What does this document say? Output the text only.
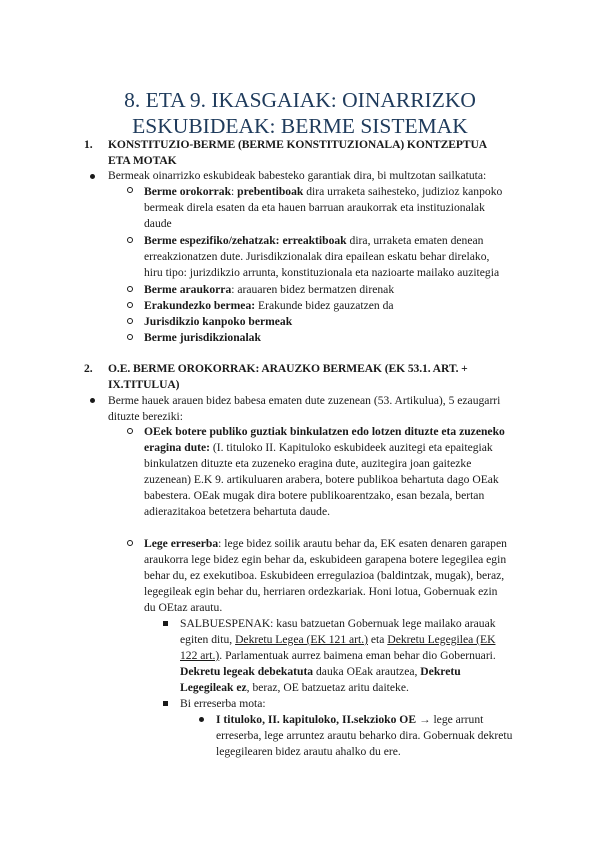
8. ETA 9. IKASGAIAK: OINARRIZKO
ESKUBIDEAK: BERME SISTEMAK
1. KONSTITUZIO-BERME (BERME KONSTITUZIONALA) KONTZEPTUA
ETA MOTAK
Bermeak oinarrizko eskubideak babesteko garantiak dira, bi multzotan sailkatuta:
Berme orokorrak: prebentiboak dira urraketa saihesteko, judizioz kanpoko
bermeak direla esaten da eta hauen barruan araukorrak eta instituzionalak
daude
Berme espezifiko/zehatzak: erreaktiboak dira, urraketa ematen denean
erreakzionatzen dute. Jurisdikzionalak dira epailean eskatu behar direlako,
hiru tipo: jurizdikzio arrunta, konstituzionala eta nazioarte mailako auzitegia
Berme araukorra: arauaren bidez bermatzen direnak
Erakundezko bermea: Erakunde bidez gauzatzen da
Jurisdikzio kanpoko bermeak
Berme jurisdikzionalak
2. O.E. BERME OROKORRAK: ARAUZKO BERMEAK (EK 53.1. ART. +
IX.TITULUA)
Berme hauek arauen bidez babesa ematen dute zuzenean (53. Artikulua), 5 ezaugarri
dituzte bereziki:
OEek botere publiko guztiak binkulatzen edo lotzen dituzte eta zuzeneko
eragina dute: (I. tituloko II. Kapituloko eskubideek auzitegi eta epaitegiak
binkulatzen dituzte eta zuzeneko eragina dute, auzitegira joan gaitezke
zuzenean) E.K 9. artikuluaren arabera, botere publikoa behartuta dago OEak
babestera. OEak mugak dira botere publikoarentzako, esan bezala, bertan
adierazitakoa betetzera behartuta daude.
Lege erreserba: lege bidez soilik arautu behar da, EK esaten denaren garapen
araukorra lege bidez egin behar da, eskubideen garapena botere legegilea egin
behar du, ez exekutiboa. Eskubideen erregulazioa (baldintzak, mugak), beraz,
legegileak egin behar du, herriaren ordezkariak. Honi lotua, Gobernuak ezin
du OEtaz arautu.
SALBUESPENAK: kasu batzuetan Gobernuak lege mailako arauak
egiten ditu, Dekretu Legea (EK 121 art.) eta Dekretu Legegilea (EK
122 art.). Parlamentuak aurrez baimena eman behar dio Gobernuari.
Dekretu legeak debekatuta dauka OEak arautzea, Dekretu
Legegileak ez, beraz, OE batzuetaz aritu daiteke.
Bi erreserba mota:
I tituloko, II. kapituloko, II.sekzioko OE → lege arrunt
erreserba, lege arruntez arautu beharko dira. Gobernuak dekretu
legegilearen bidez arautu ahalko du ere.
